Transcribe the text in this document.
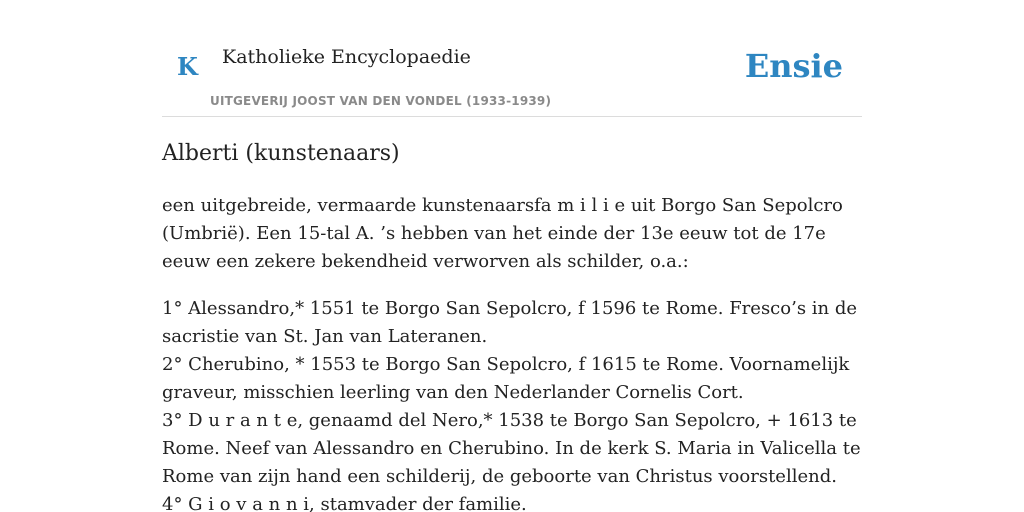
K Katholieke Encyclopaedie
UITGEVERIJ JOOST VAN DEN VONDEL (1933-1939)
Ensie
Alberti (kunstenaars)

een uitgebreide, vermaarde kunstenaarsfa m i l i e uit Borgo San Sepolcro (Umbrië). Een 15-tal A. ’s hebben van het einde der 13e eeuw tot de 17e eeuw een zekere bekendheid verworven als schilder, o.a.:

1° Alessandro,* 1551 te Borgo San Sepolcro, f 1596 te Rome. Fresco’s in de sacristie van St. Jan van Lateranen.
2° Cherubino, * 1553 te Borgo San Sepolcro, f 1615 te Rome. Voornamelijk graveur, misschien leerling van den Nederlander Cornelis Cort.
3° D u r a n t e, genaamd del Nero,* 1538 te Borgo San Sepolcro, + 1613 te Rome. Neef van Alessandro en Cherubino. In de kerk S. Maria in Valicella te Rome van zijn hand een schilderij, de geboorte van Christus voorstellend.
4° G i o v a n n i, stamvader der familie.
